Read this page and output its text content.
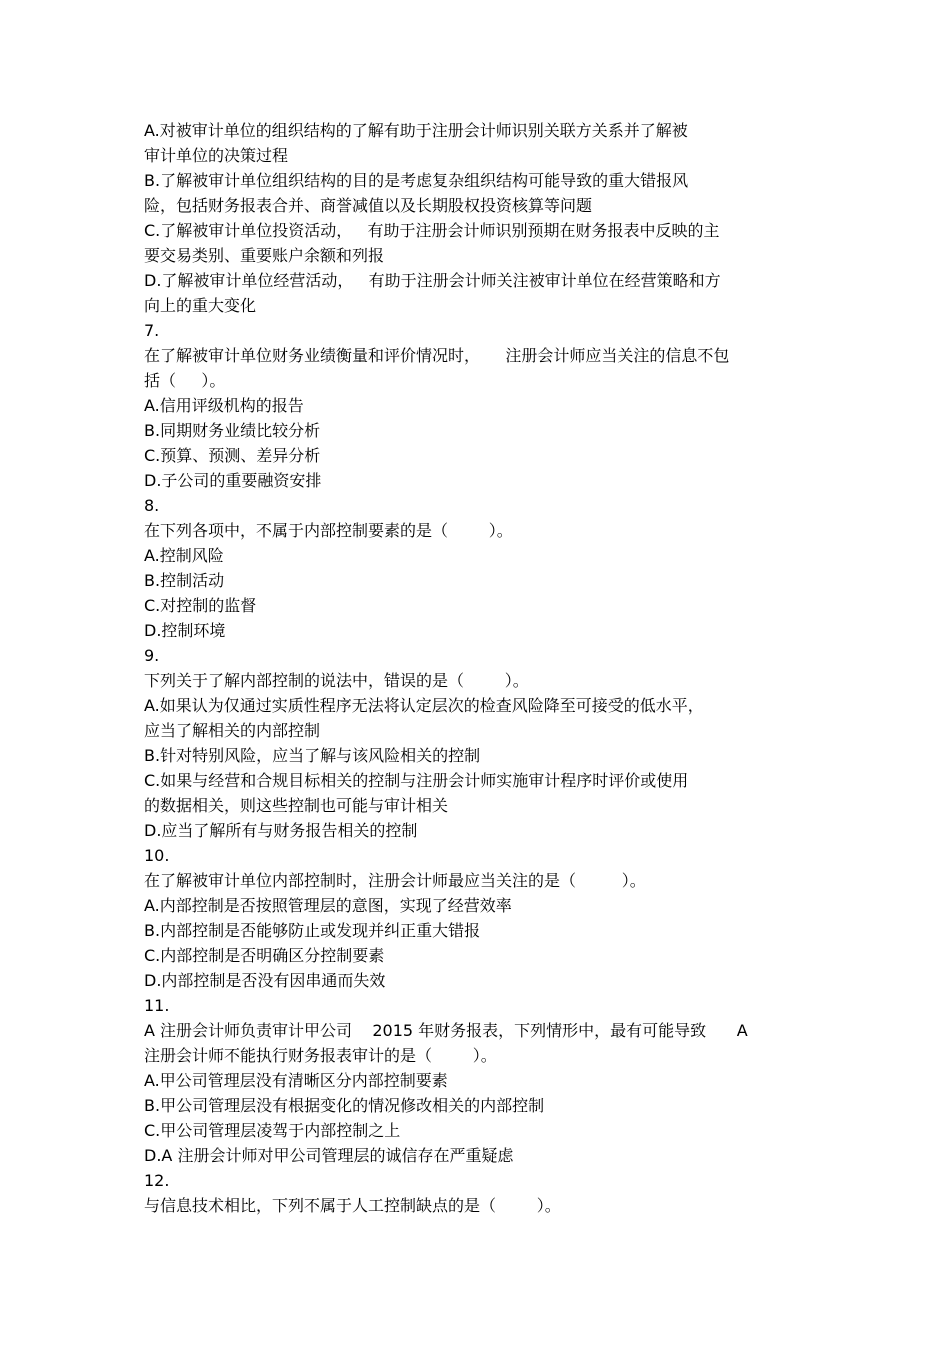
A.对被审计单位的组织结构的了解有助于注册会计师识别关联方关系并了解被
审计单位的决策过程
B.了解被审计单位组织结构的目的是考虑复杂组织结构可能导致的重大错报风
险，包括财务报表合并、商誉减值以及长期股权投资核算等问题
C.了解被审计单位投资活动，   有助于注册会计师识别预期在财务报表中反映的主
要交易类别、重要账户余额和列报
D.了解被审计单位经营活动，   有助于注册会计师关注被审计单位在经营策略和方
向上的重大变化
7.
在了解被审计单位财务业绩衡量和评价情况时，     注册会计师应当关注的信息不包
括（     ）。
A.信用评级机构的报告
B.同期财务业绩比较分析
C.预算、预测、差异分析
D.子公司的重要融资安排
8.
在下列各项中，不属于内部控制要素的是（        ）。
A.控制风险
B.控制活动
C.对控制的监督
D.控制环境
9.
下列关于了解内部控制的说法中，错误的是（        ）。
A.如果认为仅通过实质性程序无法将认定层次的检查风险降至可接受的低水平，
应当了解相关的内部控制
B.针对特别风险，应当了解与该风险相关的控制
C.如果与经营和合规目标相关的控制与注册会计师实施审计程序时评价或使用
的数据相关，则这些控制也可能与审计相关
D.应当了解所有与财务报告相关的控制
10.
在了解被审计单位内部控制时，注册会计师最应当关注的是（         ）。
A.内部控制是否按照管理层的意图，实现了经营效率
B.内部控制是否能够防止或发现并纠正重大错报
C.内部控制是否明确区分控制要素
D.内部控制是否没有因串通而失效
11.
A 注册会计师负责审计甲公司    2015 年财务报表，下列情形中，最有可能导致      A
注册会计师不能执行财务报表审计的是（        ）。
A.甲公司管理层没有清晰区分内部控制要素
B.甲公司管理层没有根据变化的情况修改相关的内部控制
C.甲公司管理层凌驾于内部控制之上
D.A 注册会计师对甲公司管理层的诚信存在严重疑虑
12.
与信息技术相比，下列不属于人工控制缺点的是（        ）。
